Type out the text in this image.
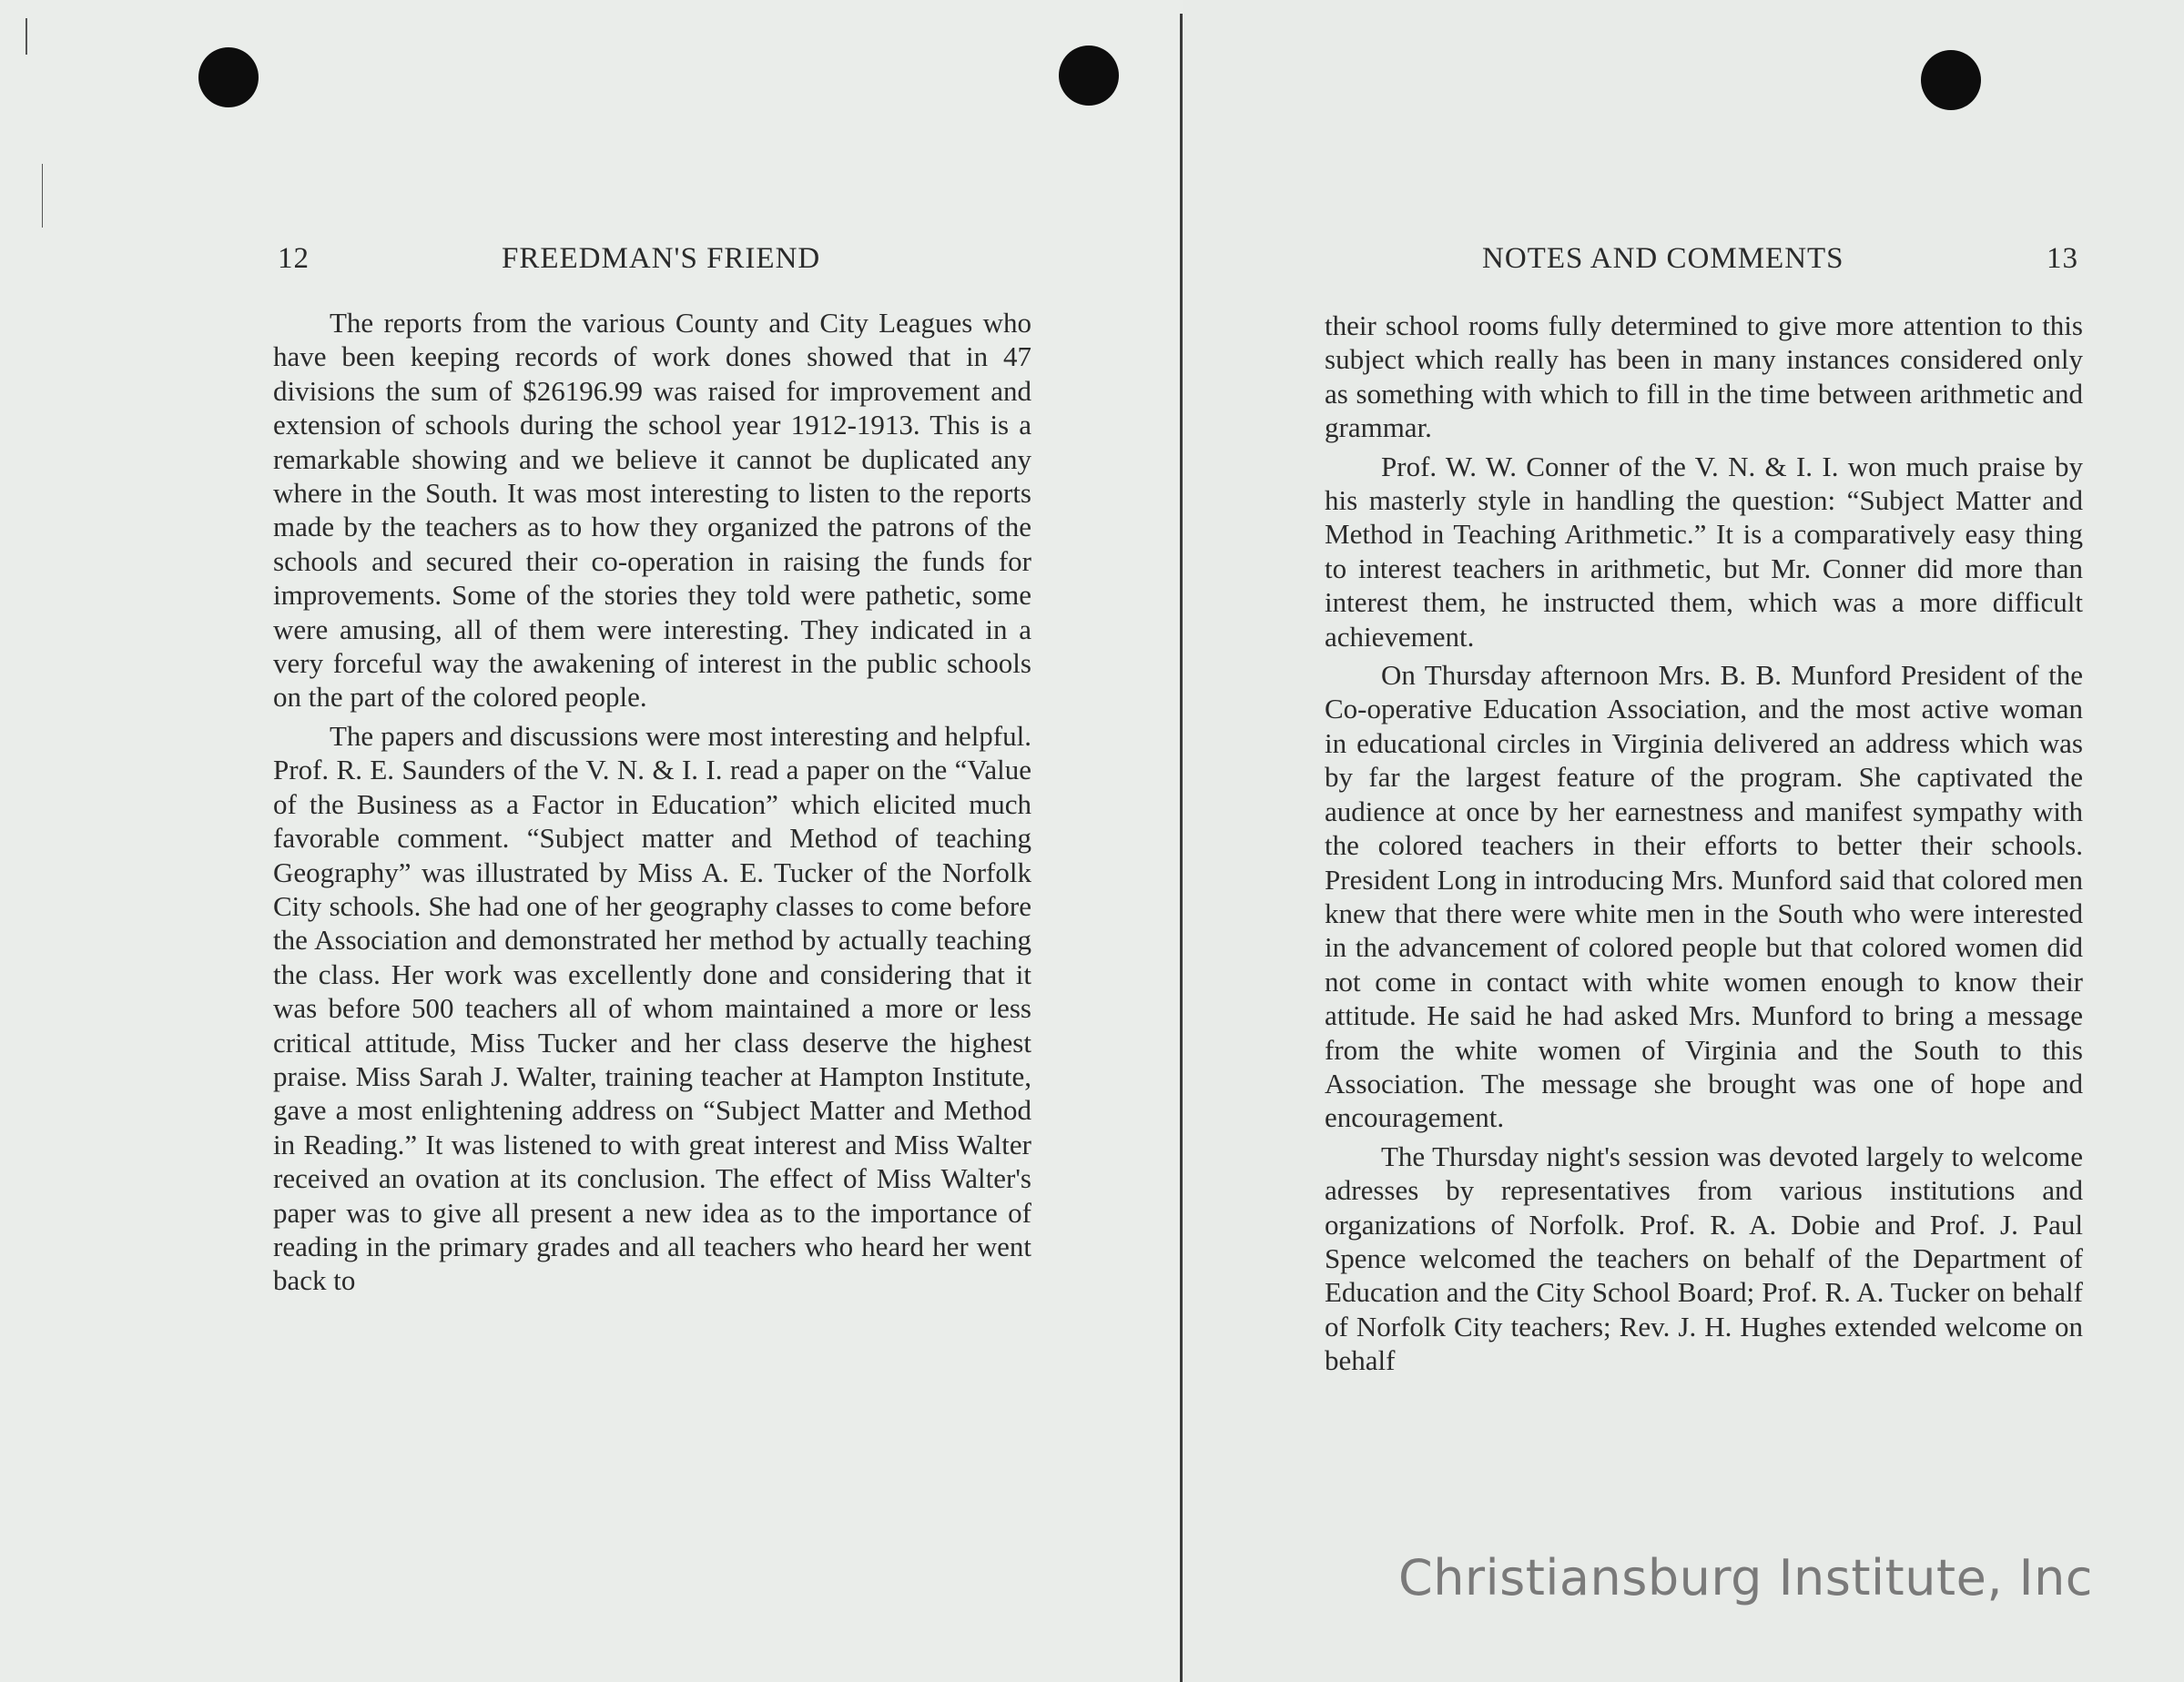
12	FREEDMAN'S FRIEND

The reports from the various County and City Leagues who have been keeping records of work dones showed that in 47 divisions the sum of $26196.99 was raised for improvement and extension of schools during the school year 1912-1913. This is a remarkable showing and we believe it cannot be duplicated any where in the South. It was most interesting to listen to the reports made by the teachers as to how they organized the patrons of the schools and secured their co-operation in raising the funds for improvements. Some of the stories they told were pathetic, some were amusing, all of them were interesting. They indicated in a very forceful way the awakening of interest in the public schools on the part of the colored people.

The papers and discussions were most interesting and helpful. Prof. R. E. Saunders of the V. N. & I. I. read a paper on the “Value of the Business as a Factor in Education” which elicited much favorable comment. “Subject matter and Method of teaching Geography” was illustrated by Miss A. E. Tucker of the Norfolk City schools. She had one of her geography classes to come before the Association and demonstrated her method by actually teaching the class. Her work was excellently done and considering that it was before 500 teachers all of whom maintained a more or less critical attitude, Miss Tucker and her class deserve the highest praise. Miss Sarah J. Walter, training teacher at Hampton Institute, gave a most enlightening address on “Subject Matter and Method in Reading.” It was listened to with great interest and Miss Walter received an ovation at its conclusion. The effect of Miss Walter's paper was to give all present a new idea as to the importance of reading in the primary grades and all teachers who heard her went back to

NOTES AND COMMENTS	13

their school rooms fully determined to give more attention to this subject which really has been in many instances considered only as something with which to fill in the time between arithmetic and grammar.

Prof. W. W. Conner of the V. N. & I. I. won much praise by his masterly style in handling the question: “Subject Matter and Method in Teaching Arithmetic.” It is a comparatively easy thing to interest teachers in arithmetic, but Mr. Conner did more than interest them, he instructed them, which was a more difficult achievement.

On Thursday afternoon Mrs. B. B. Munford President of the Co-operative Education Association, and the most active woman in educational circles in Virginia delivered an address which was by far the largest feature of the program. She captivated the audience at once by her earnestness and manifest sympathy with the colored teachers in their efforts to better their schools. President Long in introducing Mrs. Munford said that colored men knew that there were white men in the South who were interested in the advancement of colored people but that colored women did not come in contact with white women enough to know their attitude. He said he had asked Mrs. Munford to bring a message from the white women of Virginia and the South to this Association. The message she brought was one of hope and encouragement.

The Thursday night's session was devoted largely to welcome adresses by representatives from various institutions and organizations of Norfolk. Prof. R. A. Dobie and Prof. J. Paul Spence welcomed the teachers on behalf of the Department of Education and the City School Board; Prof. R. A. Tucker on behalf of Norfolk City teachers; Rev. J. H. Hughes extended welcome on behalf

Christiansburg Institute, Inc
